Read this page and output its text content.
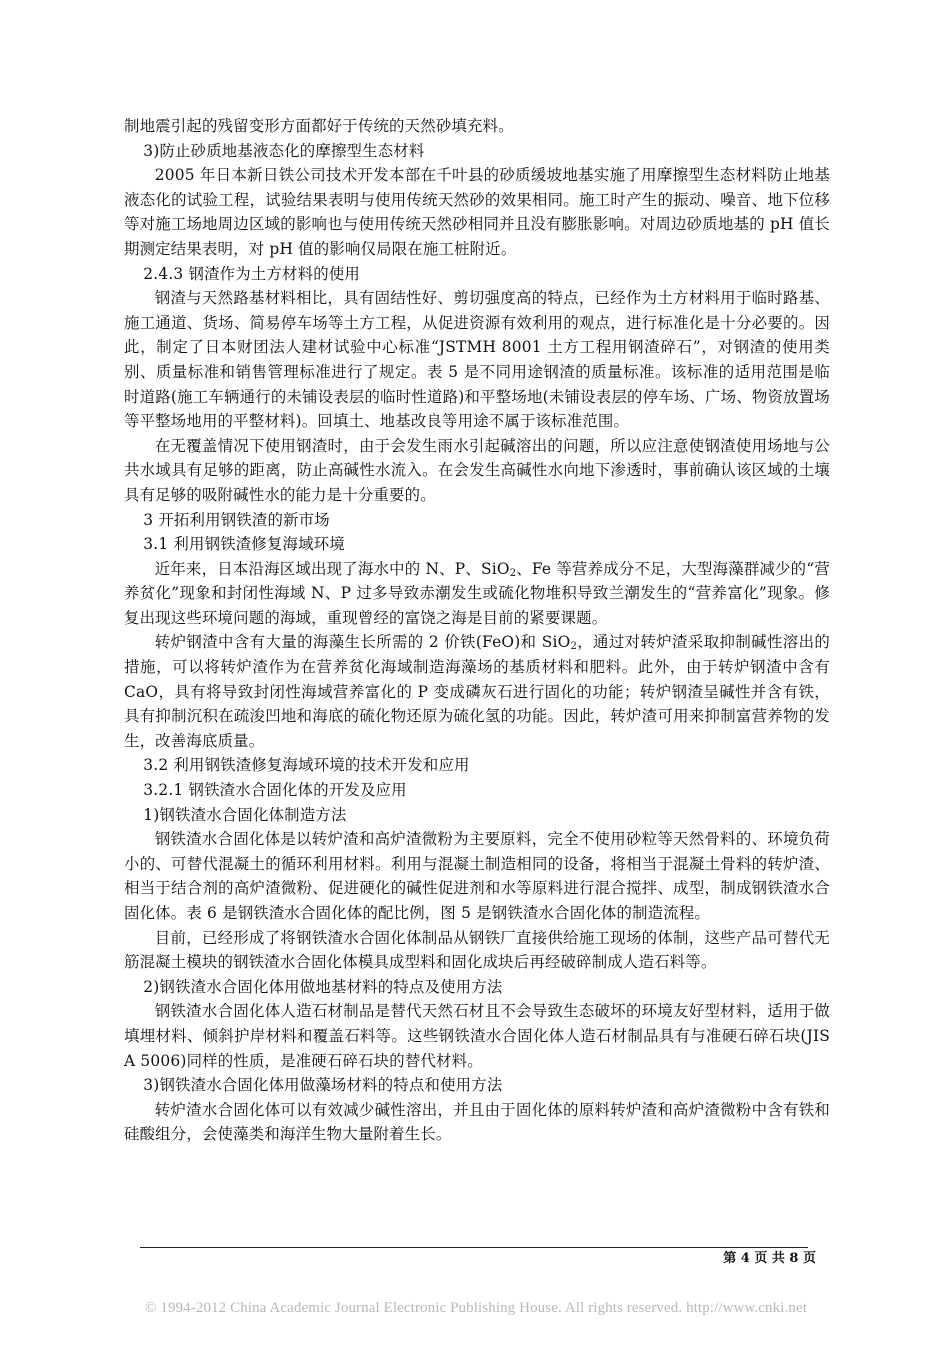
制地震引起的残留变形方面都好于传统的天然砂填充料。

3)防止砂质地基液态化的摩擦型生态材料

2005 年日本新日铁公司技术开发本部在千叶县的砂质缓坡地基实施了用摩擦型生态材料防止地基液态化的试验工程，试验结果表明与使用传统天然砂的效果相同。施工时产生的振动、噪音、地下位移等对施工场地周边区域的影响也与使用传统天然砂相同并且没有膨胀影响。对周边砂质地基的 pH 值长期测定结果表明，对 pH 值的影响仅局限在施工桩附近。

2.4.3 钢渣作为土方材料的使用

钢渣与天然路基材料相比，具有固结性好、剪切强度高的特点，已经作为土方材料用于临时路基、施工通道、货场、简易停车场等土方工程，从促进资源有效利用的观点，进行标准化是十分必要的。因此，制定了日本财团法人建材试验中心标准“JSTMH 8001 土方工程用钢渣碎石”，对钢渣的使用类别、质量标准和销售管理标准进行了规定。表 5 是不同用途钢渣的质量标准。该标准的适用范围是临时道路(施工车辆通行的未铺设表层的临时性道路)和平整场地(未铺设表层的停车场、广场、物资放置场等平整场地用的平整材料)。回填土、地基改良等用途不属于该标准范围。

在无覆盖情况下使用钢渣时，由于会发生雨水引起碱溶出的问题，所以应注意使钢渣使用场地与公共水域具有足够的距离，防止高碱性水流入。在会发生高碱性水向地下渗透时，事前确认该区域的土壤具有足够的吸附碱性水的能力是十分重要的。

3 开拓利用钢铁渣的新市场

3.1 利用钢铁渣修复海域环境

近年来，日本沿海区域出现了海水中的 N、P、SiO$_2$、Fe 等营养成分不足，大型海藻群减少的“营养贫化”现象和封闭性海域 N、P 过多导致赤潮发生或硫化物堆积导致兰潮发生的“营养富化”现象。修复出现这些环境问题的海域，重现曾经的富饶之海是目前的紧要课题。

转炉钢渣中含有大量的海藻生长所需的 2 价铁(FeO)和 SiO$_2$，通过对转炉渣采取抑制碱性溶出的措施，可以将转炉渣作为在营养贫化海域制造海藻场的基质材料和肥料。此外，由于转炉钢渣中含有 CaO，具有将导致封闭性海域营养富化的 P 变成磷灰石进行固化的功能；转炉钢渣呈碱性并含有铁，具有抑制沉积在疏浚凹地和海底的硫化物还原为硫化氢的功能。因此，转炉渣可用来抑制富营养物的发生，改善海底质量。

3.2 利用钢铁渣修复海域环境的技术开发和应用

3.2.1 钢铁渣水合固化体的开发及应用

1)钢铁渣水合固化体制造方法

钢铁渣水合固化体是以转炉渣和高炉渣微粉为主要原料，完全不使用砂粒等天然骨料的、环境负荷小的、可替代混凝土的循环利用材料。利用与混凝土制造相同的设备，将相当于混凝土骨料的转炉渣、相当于结合剂的高炉渣微粉、促进硬化的碱性促进剂和水等原料进行混合搅拌、成型，制成钢铁渣水合固化体。表 6 是钢铁渣水合固化体的配比例，图 5 是钢铁渣水合固化体的制造流程。

目前，已经形成了将钢铁渣水合固化体制品从钢铁厂直接供给施工现场的体制，这些产品可替代无筋混凝土模块的钢铁渣水合固化体模具成型料和固化成块后再经破碎制成人造石料等。

2)钢铁渣水合固化体用做地基材料的特点及使用方法

钢铁渣水合固化体人造石材制品是替代天然石材且不会导致生态破坏的环境友好型材料，适用于做填埋材料、倾斜护岸材料和覆盖石料等。这些钢铁渣水合固化体人造石材制品具有与准硬石碎石块(JIS A 5006)同样的性质，是准硬石碎石块的替代材料。

3)钢铁渣水合固化体用做藻场材料的特点和使用方法

转炉渣水合固化体可以有效减少碱性溶出，并且由于固化体的原料转炉渣和高炉渣微粉中含有铁和硅酸组分，会使藻类和海洋生物大量附着生长。

第 4 页 共 8 页
© 1994-2012 China Academic Journal Electronic Publishing House. All rights reserved. http://www.cnki.net
